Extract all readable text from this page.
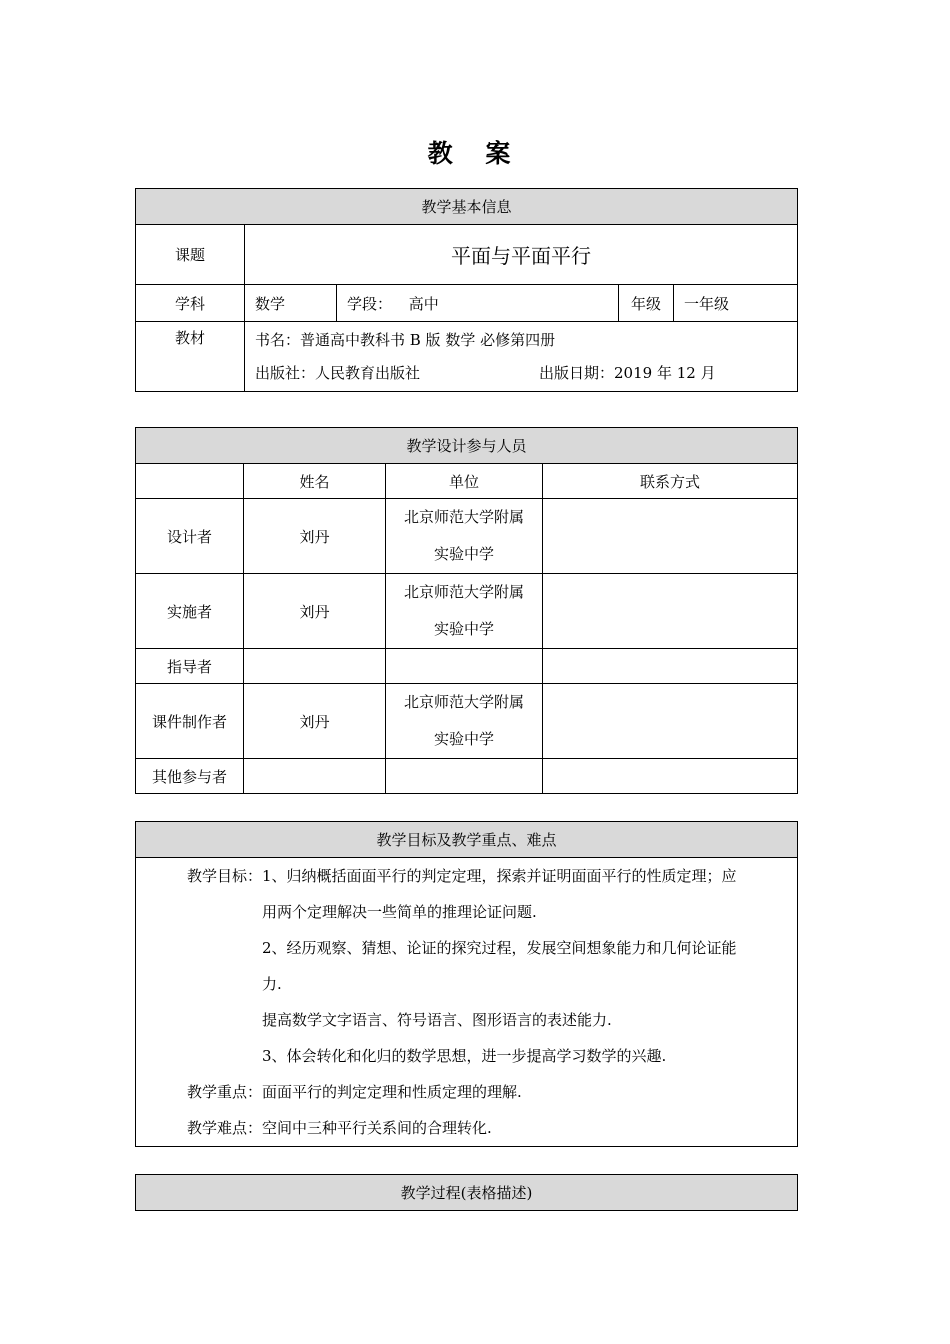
教 案
教学基本信息				
课题	平面与平面平行			
学科	数学	学段： 高中	年级	一年级
教材	书名：普通高中教科书 B 版 数学 必修第四册
出版社：人民教育出版社 出版日期：2019 年 12 月			
教学设计参与人员			
	姓名	单位	联系方式
设计者	刘丹	北京师范大学附属
实验中学	

实施者	刘丹	北京师范大学附属
实验中学	

指导者			
课件制作者	刘丹	北京师范大学附属
实验中学	

其他参与者			
教学目标及教学重点、难点

教学目标： 1、归纳概括面面平行的判定定理，探索并证明面面平行的性质定理；应
用两个定理解决一些简单的推理论证问题.
2、经历观察、猜想、论证的探究过程，发展空间想象能力和几何论证能
力.
提高数学文字语言、符号语言、图形语言的表述能力.
3、体会转化和化归的数学思想，进一步提高学习数学的兴趣.
教学重点： 面面平行的判定定理和性质定理的理解.
教学难点： 空间中三种平行关系间的合理转化.
教学过程(表格描述)
